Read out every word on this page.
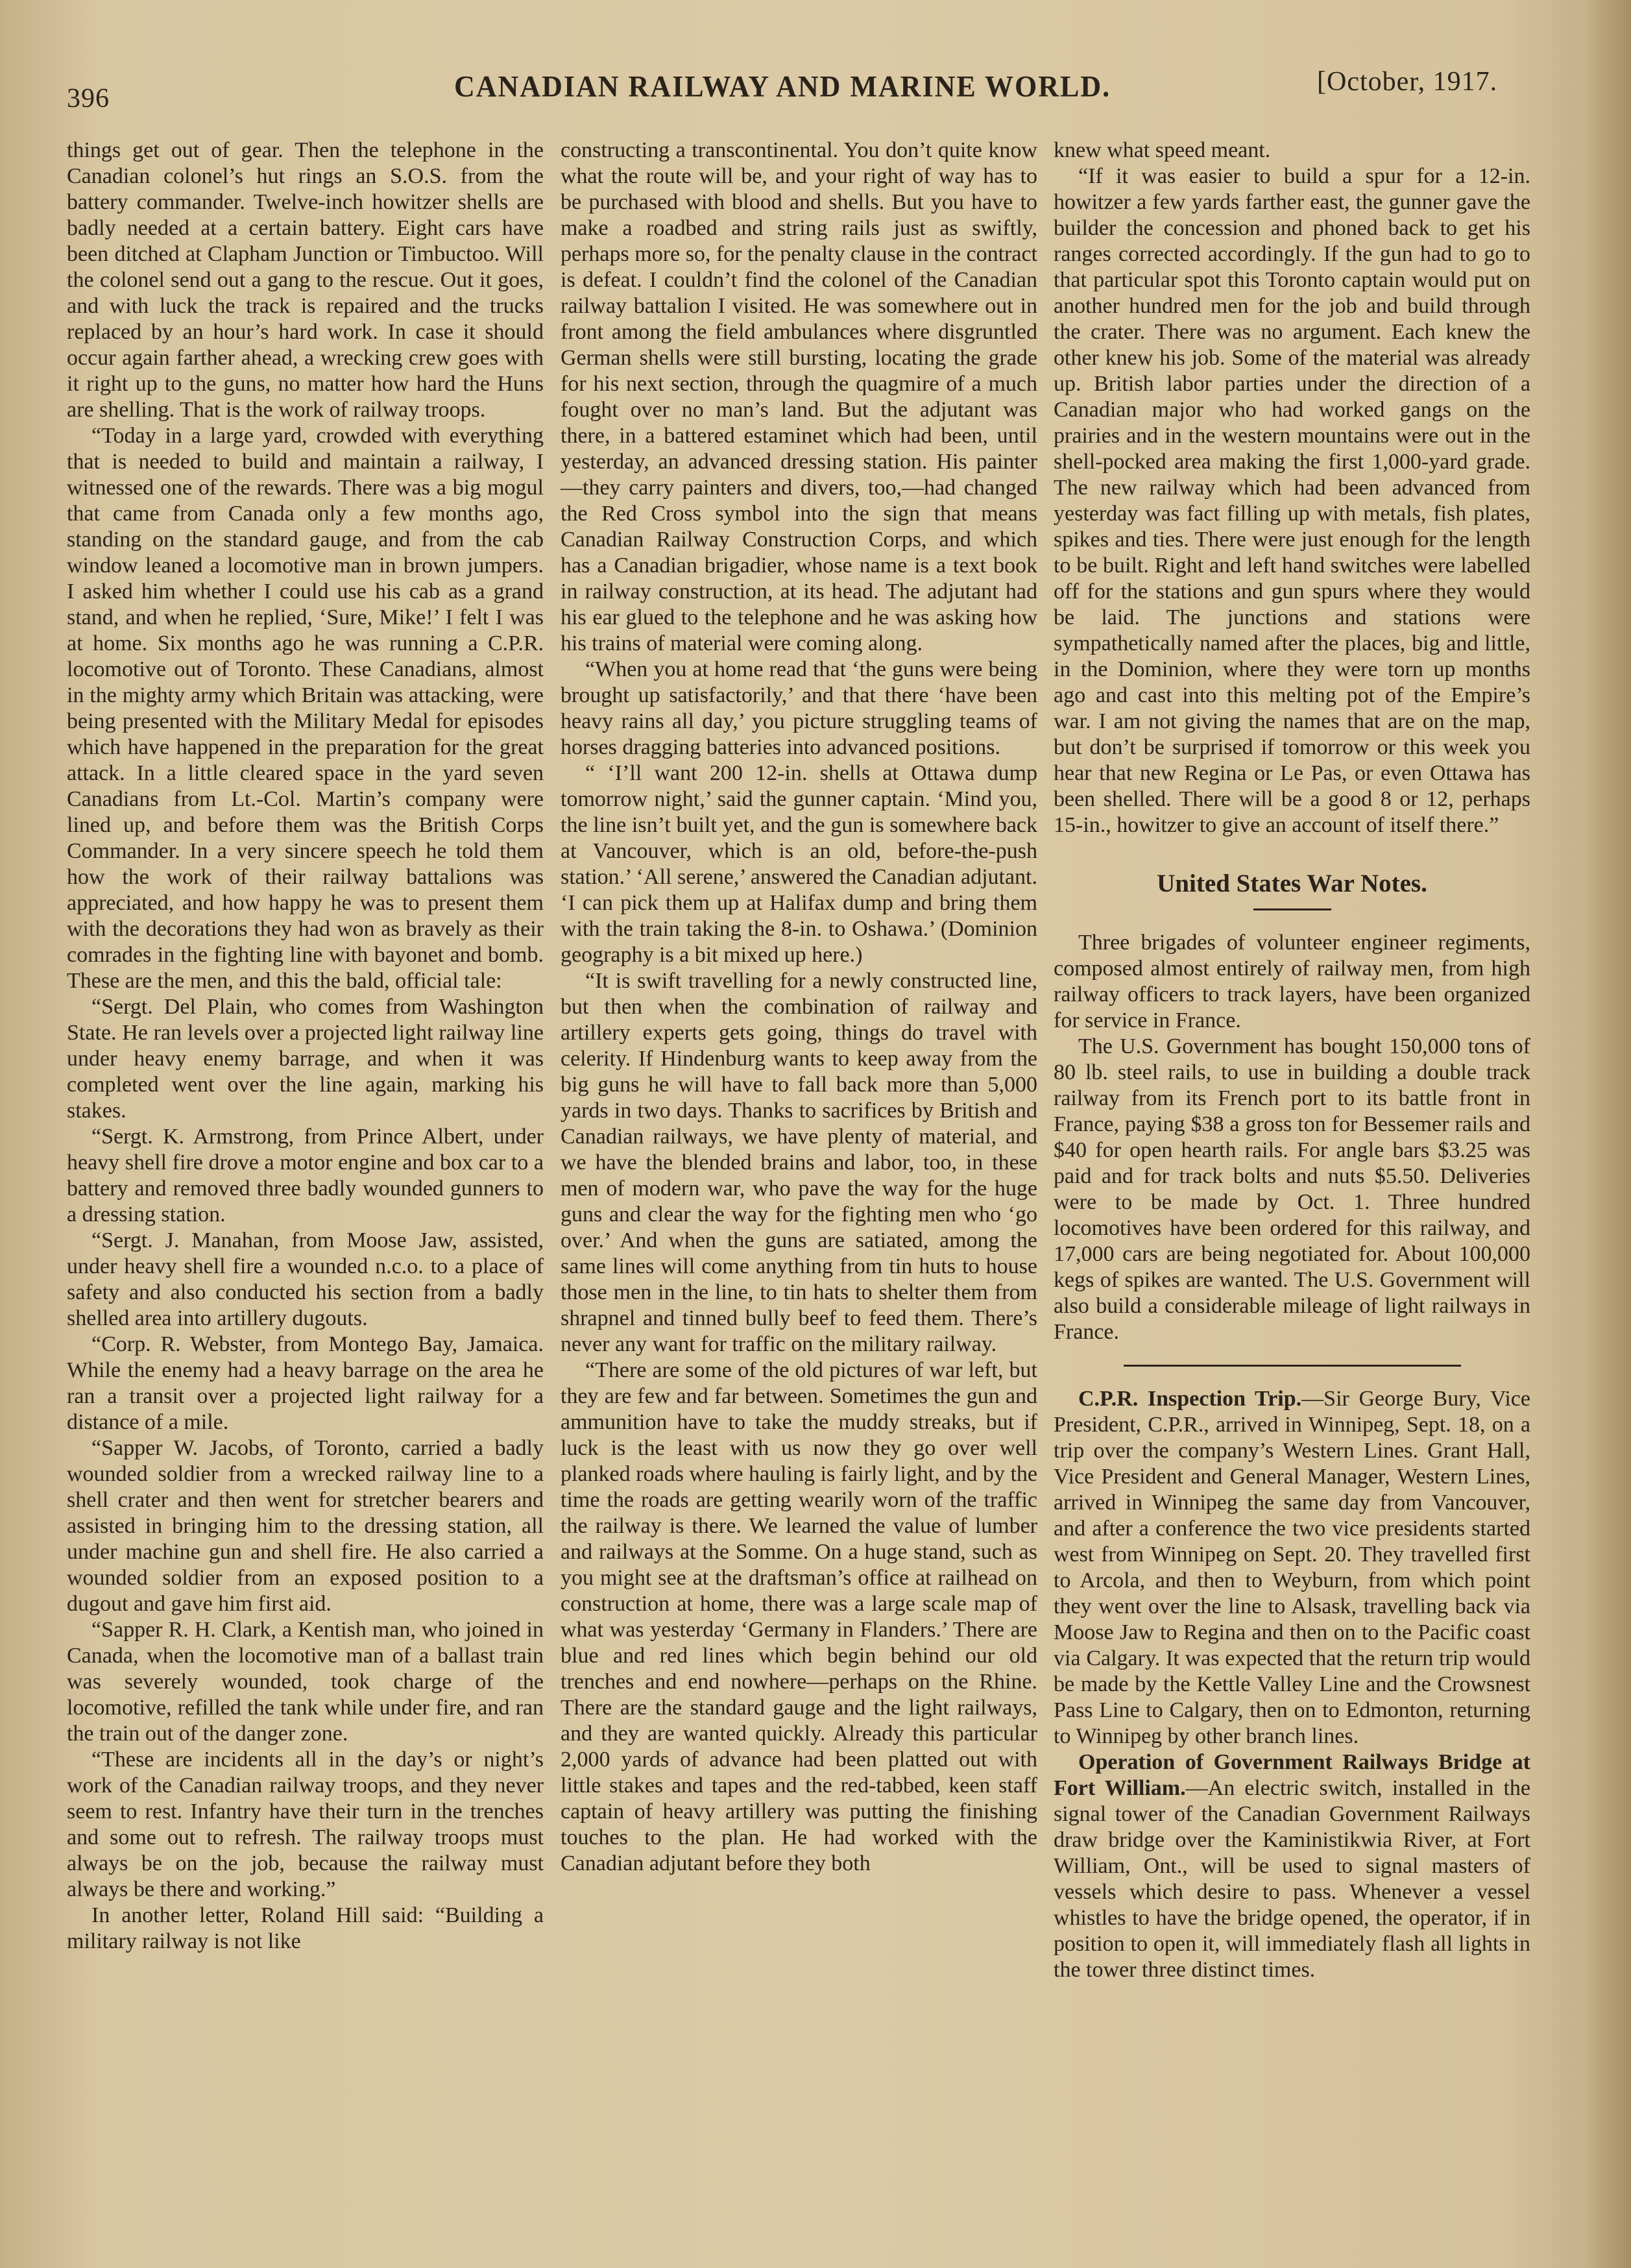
396	CANADIAN RAILWAY AND MARINE WORLD.	[October, 1917.

things get out of gear. Then the telephone in the Canadian colonel’s hut rings an S.O.S. from the battery commander. Twelve-inch howitzer shells are badly needed at a certain battery. Eight cars have been ditched at Clapham Junction or Timbuctoo. Will the colonel send out a gang to the rescue. Out it goes, and with luck the track is repaired and the trucks replaced by an hour’s hard work. In case it should occur again farther ahead, a wrecking crew goes with it right up to the guns, no matter how hard the Huns are shelling. That is the work of railway troops.

“Today in a large yard, crowded with everything that is needed to build and maintain a railway, I witnessed one of the rewards. There was a big mogul that came from Canada only a few months ago, standing on the standard gauge, and from the cab window leaned a locomotive man in brown jumpers. I asked him whether I could use his cab as a grand stand, and when he replied, ‘Sure, Mike!’ I felt I was at home. Six months ago he was running a C.P.R. locomotive out of Toronto. These Canadians, almost in the mighty army which Britain was attacking, were being presented with the Military Medal for episodes which have happened in the preparation for the great attack. In a little cleared space in the yard seven Canadians from Lt.-Col. Martin’s company were lined up, and before them was the British Corps Commander. In a very sincere speech he told them how the work of their railway battalions was appreciated, and how happy he was to present them with the decorations they had won as bravely as their comrades in the fighting line with bayonet and bomb. These are the men, and this the bald, official tale:

“Sergt. Del Plain, who comes from Washington State. He ran levels over a projected light railway line under heavy enemy barrage, and when it was completed went over the line again, marking his stakes.

“Sergt. K. Armstrong, from Prince Albert, under heavy shell fire drove a motor engine and box car to a battery and removed three badly wounded gunners to a dressing station.

“Sergt. J. Manahan, from Moose Jaw, assisted, under heavy shell fire a wounded n.c.o. to a place of safety and also conducted his section from a badly shelled area into artillery dugouts.

“Corp. R. Webster, from Montego Bay, Jamaica. While the enemy had a heavy barrage on the area he ran a transit over a projected light railway for a distance of a mile.

“Sapper W. Jacobs, of Toronto, carried a badly wounded soldier from a wrecked railway line to a shell crater and then went for stretcher bearers and assisted in bringing him to the dressing station, all under machine gun and shell fire. He also carried a wounded soldier from an exposed position to a dugout and gave him first aid.

“Sapper R. H. Clark, a Kentish man, who joined in Canada, when the locomotive man of a ballast train was severely wounded, took charge of the locomotive, refilled the tank while under fire, and ran the train out of the danger zone.

“These are incidents all in the day’s or night’s work of the Canadian railway troops, and they never seem to rest. Infantry have their turn in the trenches and some out to refresh. The railway troops must always be on the job, because the railway must always be there and working.”

In another letter, Roland Hill said: “Building a military railway is not like

constructing a transcontinental. You don’t quite know what the route will be, and your right of way has to be purchased with blood and shells. But you have to make a roadbed and string rails just as swiftly, perhaps more so, for the penalty clause in the contract is defeat. I couldn’t find the colonel of the Canadian railway battalion I visited. He was somewhere out in front among the field ambulances where disgruntled German shells were still bursting, locating the grade for his next section, through the quagmire of a much fought over no man’s land. But the adjutant was there, in a battered estaminet which had been, until yesterday, an advanced dressing station. His painter—they carry painters and divers, too,—had changed the Red Cross symbol into the sign that means Canadian Railway Construction Corps, and which has a Canadian brigadier, whose name is a text book in railway construction, at its head. The adjutant had his ear glued to the telephone and he was asking how his trains of material were coming along.

“When you at home read that ‘the guns were being brought up satisfactorily,’ and that there ‘have been heavy rains all day,’ you picture struggling teams of horses dragging batteries into advanced positions.

“ ‘I’ll want 200 12-in. shells at Ottawa dump tomorrow night,’ said the gunner captain. ‘Mind you, the line isn’t built yet, and the gun is somewhere back at Vancouver, which is an old, before-the-push station.’ ‘All serene,’ answered the Canadian adjutant. ‘I can pick them up at Halifax dump and bring them with the train taking the 8-in. to Oshawa.’ (Dominion geography is a bit mixed up here.)

“It is swift travelling for a newly constructed line, but then when the combination of railway and artillery experts gets going, things do travel with celerity. If Hindenburg wants to keep away from the big guns he will have to fall back more than 5,000 yards in two days. Thanks to sacrifices by British and Canadian railways, we have plenty of material, and we have the blended brains and labor, too, in these men of modern war, who pave the way for the huge guns and clear the way for the fighting men who ‘go over.’ And when the guns are satiated, among the same lines will come anything from tin huts to house those men in the line, to tin hats to shelter them from shrapnel and tinned bully beef to feed them. There’s never any want for traffic on the military railway.

“There are some of the old pictures of war left, but they are few and far between. Sometimes the gun and ammunition have to take the muddy streaks, but if luck is the least with us now they go over well planked roads where hauling is fairly light, and by the time the roads are getting wearily worn of the traffic the railway is there. We learned the value of lumber and railways at the Somme. On a huge stand, such as you might see at the draftsman’s office at railhead on construction at home, there was a large scale map of what was yesterday ‘Germany in Flanders.’ There are blue and red lines which begin behind our old trenches and end nowhere—perhaps on the Rhine. There are the standard gauge and the light railways, and they are wanted quickly. Already this particular 2,000 yards of advance had been platted out with little stakes and tapes and the red-tabbed, keen staff captain of heavy artillery was putting the finishing touches to the plan. He had worked with the Canadian adjutant before they both

knew what speed meant.

“If it was easier to build a spur for a 12-in. howitzer a few yards farther east, the gunner gave the builder the concession and phoned back to get his ranges corrected accordingly. If the gun had to go to that particular spot this Toronto captain would put on another hundred men for the job and build through the crater. There was no argument. Each knew the other knew his job. Some of the material was already up. British labor parties under the direction of a Canadian major who had worked gangs on the prairies and in the western mountains were out in the shell-pocked area making the first 1,000-yard grade. The new railway which had been advanced from yesterday was fact filling up with metals, fish plates, spikes and ties. There were just enough for the length to be built. Right and left hand switches were labelled off for the stations and gun spurs where they would be laid. The junctions and stations were sympathetically named after the places, big and little, in the Dominion, where they were torn up months ago and cast into this melting pot of the Empire’s war. I am not giving the names that are on the map, but don’t be surprised if tomorrow or this week you hear that new Regina or Le Pas, or even Ottawa has been shelled. There will be a good 8 or 12, perhaps 15-in., howitzer to give an account of itself there.”

United States War Notes.

Three brigades of volunteer engineer regiments, composed almost entirely of railway men, from high railway officers to track layers, have been organized for service in France.

The U.S. Government has bought 150,000 tons of 80 lb. steel rails, to use in building a double track railway from its French port to its battle front in France, paying $38 a gross ton for Bessemer rails and $40 for open hearth rails. For angle bars $3.25 was paid and for track bolts and nuts $5.50. Deliveries were to be made by Oct. 1. Three hundred locomotives have been ordered for this railway, and 17,000 cars are being negotiated for. About 100,000 kegs of spikes are wanted. The U.S. Government will also build a considerable mileage of light railways in France.

C.P.R. Inspection Trip.—Sir George Bury, Vice President, C.P.R., arrived in Winnipeg, Sept. 18, on a trip over the company’s Western Lines. Grant Hall, Vice President and General Manager, Western Lines, arrived in Winnipeg the same day from Vancouver, and after a conference the two vice presidents started west from Winnipeg on Sept. 20. They travelled first to Arcola, and then to Weyburn, from which point they went over the line to Alsask, travelling back via Moose Jaw to Regina and then on to the Pacific coast via Calgary. It was expected that the return trip would be made by the Kettle Valley Line and the Crowsnest Pass Line to Calgary, then on to Edmonton, returning to Winnipeg by other branch lines.

Operation of Government Railways Bridge at Fort William.—An electric switch, installed in the signal tower of the Canadian Government Railways draw bridge over the Kaministikwia River, at Fort William, Ont., will be used to signal masters of vessels which desire to pass. Whenever a vessel whistles to have the bridge opened, the operator, if in position to open it, will immediately flash all lights in the tower three distinct times.
